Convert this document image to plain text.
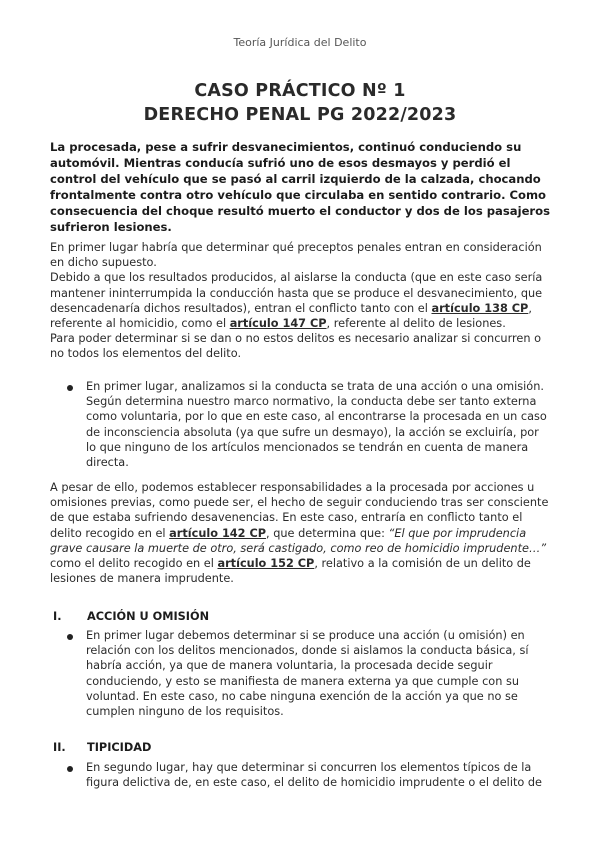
Teoría Jurídica del Delito
CASO PRÁCTICO Nº 1
DERECHO PENAL PG 2022/2023
La procesada, pese a sufrir desvanecimientos, continuó conduciendo su automóvil. Mientras conducía sufrió uno de esos desmayos y perdió el control del vehículo que se pasó al carril izquierdo de la calzada, chocando frontalmente contra otro vehículo que circulaba en sentido contrario. Como consecuencia del choque resultó muerto el conductor y dos de los pasajeros sufrieron lesiones.

En primer lugar habría que determinar qué preceptos penales entran en consideración en dicho supuesto.

Debido a que los resultados producidos, al aislarse la conducta (que en este caso sería mantener ininterrumpida la conducción hasta que se produce el desvanecimiento, que desencadenaría dichos resultados), entran el conflicto tanto con el artículo 138 CP, referente al homicidio, como el artículo 147 CP, referente al delito de lesiones.

Para poder determinar si se dan o no estos delitos es necesario analizar si concurren o no todos los elementos del delito.

En primer lugar, analizamos si la conducta se trata de una acción o una omisión. Según determina nuestro marco normativo, la conducta debe ser tanto externa como voluntaria, por lo que en este caso, al encontrarse la procesada en un caso de inconsciencia absoluta (ya que sufre un desmayo), la acción se excluiría, por lo que ninguno de los artículos mencionados se tendrán en cuenta de manera directa.

A pesar de ello, podemos establecer responsabilidades a la procesada por acciones u omisiones previas, como puede ser, el hecho de seguir conduciendo tras ser consciente de que estaba sufriendo desavenencias. En este caso, entraría en conflicto tanto el delito recogido en el artículo 142 CP, que determina que: “El que por imprudencia grave causare la muerte de otro, será castigado, como reo de homicidio imprudente…” como el delito recogido en el artículo 152 CP, relativo a la comisión de un delito de lesiones de manera imprudente.

I. ACCIÓN U OMISIÓN
En primer lugar debemos determinar si se produce una acción (u omisión) en relación con los delitos mencionados, donde si aislamos la conducta básica, sí habría acción, ya que de manera voluntaria, la procesada decide seguir conduciendo, y esto se manifiesta de manera externa ya que cumple con su voluntad. En este caso, no cabe ninguna exención de la acción ya que no se cumplen ninguno de los requisitos.
II. TIPICIDAD
En segundo lugar, hay que determinar si concurren los elementos típicos de la figura delictiva de, en este caso, el delito de homicidio imprudente o el delito de
